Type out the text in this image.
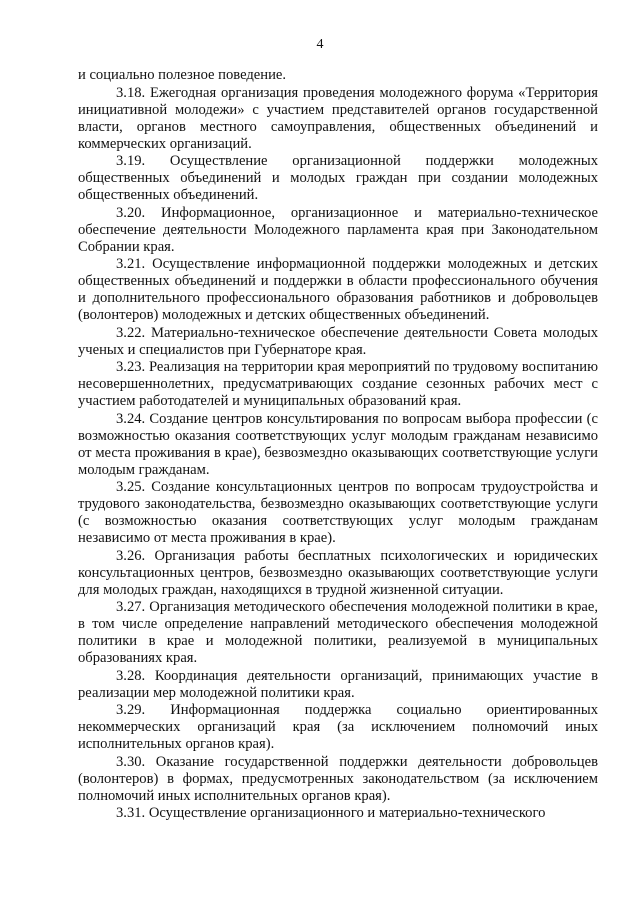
4

и социально полезное поведение.

3.18. Ежегодная организация проведения молодежного форума «Территория инициативной молодежи» с участием представителей органов государственной власти, органов местного самоуправления, общественных объединений и коммерческих организаций.

3.19. Осуществление организационной поддержки молодежных общественных объединений и молодых граждан при создании молодежных общественных объединений.

3.20. Информационное, организационное и материально-техническое обеспечение деятельности Молодежного парламента края при Законодательном Собрании края.

3.21. Осуществление информационной поддержки молодежных и детских общественных объединений и поддержки в области профессионального обучения и дополнительного профессионального образования работников и добровольцев (волонтеров) молодежных и детских общественных объединений.

3.22. Материально-техническое обеспечение деятельности Совета молодых ученых и специалистов при Губернаторе края.

3.23. Реализация на территории края мероприятий по трудовому воспитанию несовершеннолетних, предусматривающих создание сезонных рабочих мест с участием работодателей и муниципальных образований края.

3.24. Создание центров консультирования по вопросам выбора профессии (с возможностью оказания соответствующих услуг молодым гражданам независимо от места проживания в крае), безвозмездно оказывающих соответствующие услуги молодым гражданам.

3.25. Создание консультационных центров по вопросам трудоустройства и трудового законодательства, безвозмездно оказывающих соответствующие услуги (с возможностью оказания соответствующих услуг молодым гражданам независимо от места проживания в крае).

3.26. Организация работы бесплатных психологических и юридических консультационных центров, безвозмездно оказывающих соответствующие услуги для молодых граждан, находящихся в трудной жизненной ситуации.

3.27. Организация методического обеспечения молодежной политики в крае, в том числе определение направлений методического обеспечения молодежной политики в крае и молодежной политики, реализуемой в муниципальных образованиях края.

3.28. Координация деятельности организаций, принимающих участие в реализации мер молодежной политики края.

3.29. Информационная поддержка социально ориентированных некоммерческих организаций края (за исключением полномочий иных исполнительных органов края).

3.30. Оказание государственной поддержки деятельности добровольцев (волонтеров) в формах, предусмотренных законодательством (за исключением полномочий иных исполнительных органов края).

3.31. Осуществление организационного и материально-технического
